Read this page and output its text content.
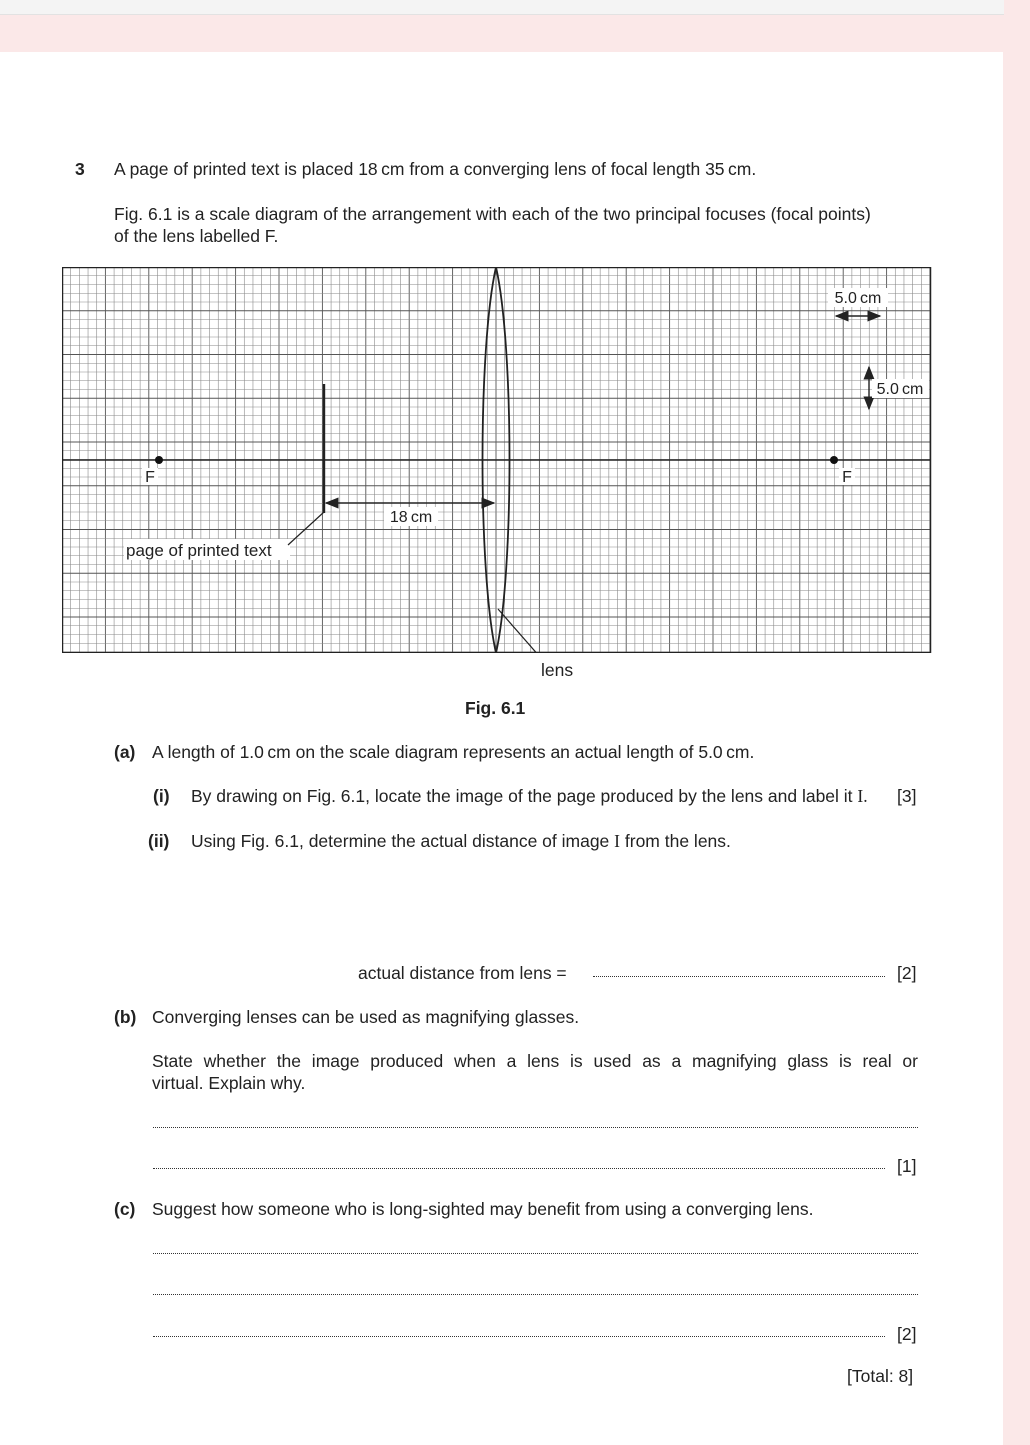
3 A page of printed text is placed 18 cm from a converging lens of focal length 35 cm.
Fig. 6.1 is a scale diagram of the arrangement with each of the two principal focuses (focal points)
of the lens labelled F.
F	F
18 cm
page of printed text
5.0 cm
5.0 cm
lens
Fig. 6.1
(a) A length of 1.0 cm on the scale diagram represents an actual length of 5.0 cm.
(i) By drawing on Fig. 6.1, locate the image of the page produced by the lens and label it I. [3]
(ii) Using Fig. 6.1, determine the actual distance of image I from the lens.
actual distance from lens =	[2]
(b) Converging lenses can be used as magnifying glasses.
State whether the image produced when a lens is used as a magnifying glass is real or
virtual. Explain why.
[1]
(c) Suggest how someone who is long-sighted may benefit from using a converging lens.
[2]
[Total: 8]
